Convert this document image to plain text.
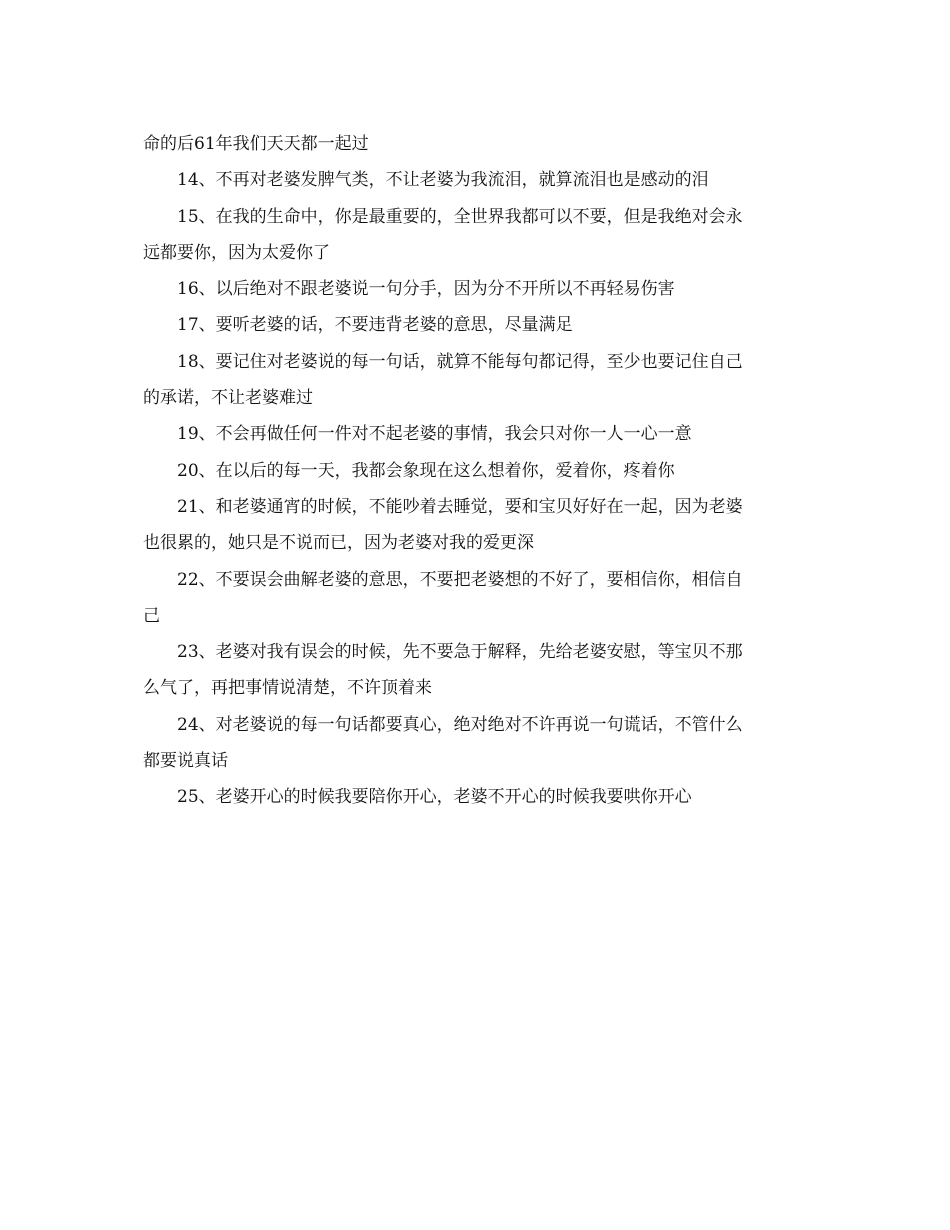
命的后61年我们天天都一起过
14、不再对老婆发脾气类，不让老婆为我流泪，就算流泪也是感动的泪
15、在我的生命中，你是最重要的，全世界我都可以不要，但是我绝对会永
远都要你，因为太爱你了
16、以后绝对不跟老婆说一句分手，因为分不开所以不再轻易伤害
17、要听老婆的话，不要违背老婆的意思，尽量满足
18、要记住对老婆说的每一句话，就算不能每句都记得，至少也要记住自己
的承诺，不让老婆难过
19、不会再做任何一件对不起老婆的事情，我会只对你一人一心一意
20、在以后的每一天，我都会象现在这么想着你，爱着你，疼着你
21、和老婆通宵的时候，不能吵着去睡觉，要和宝贝好好在一起，因为老婆
也很累的，她只是不说而已，因为老婆对我的爱更深
22、不要误会曲解老婆的意思，不要把老婆想的不好了，要相信你，相信自
己
23、老婆对我有误会的时候，先不要急于解释，先给老婆安慰，等宝贝不那
么气了，再把事情说清楚，不许顶着来
24、对老婆说的每一句话都要真心，绝对绝对不许再说一句谎话，不管什么
都要说真话
25、老婆开心的时候我要陪你开心，老婆不开心的时候我要哄你开心
